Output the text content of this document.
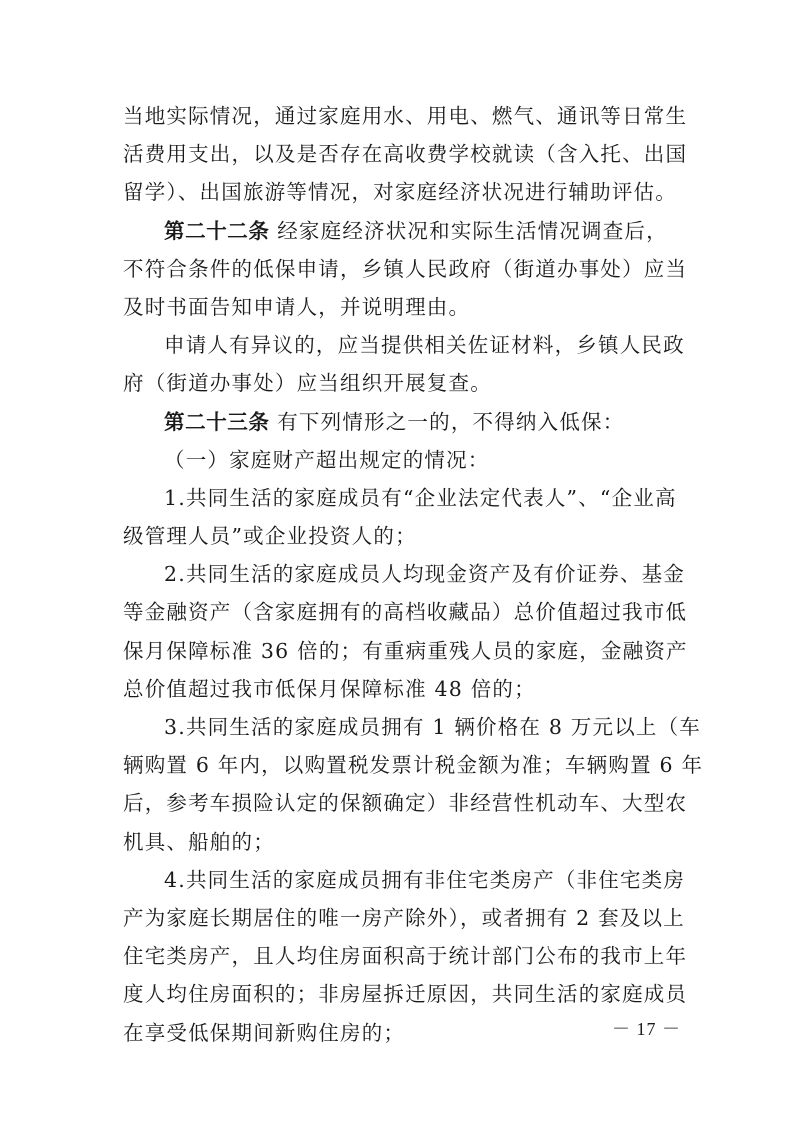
当地实际情况，通过家庭用水、用电、燃气、通讯等日常生
活费用支出，以及是否存在高收费学校就读（含入托、出国
留学）、出国旅游等情况，对家庭经济状况进行辅助评估。
第二十二条 经家庭经济状况和实际生活情况调查后，
不符合条件的低保申请，乡镇人民政府（街道办事处）应当
及时书面告知申请人，并说明理由。
申请人有异议的，应当提供相关佐证材料，乡镇人民政
府（街道办事处）应当组织开展复查。
第二十三条 有下列情形之一的，不得纳入低保：
（一）家庭财产超出规定的情况：
1.共同生活的家庭成员有“企业法定代表人”、“企业高
级管理人员”或企业投资人的；
2.共同生活的家庭成员人均现金资产及有价证券、基金
等金融资产（含家庭拥有的高档收藏品）总价值超过我市低
保月保障标准 36 倍的；有重病重残人员的家庭，金融资产
总价值超过我市低保月保障标准 48 倍的；
3.共同生活的家庭成员拥有 1 辆价格在 8 万元以上（车
辆购置 6 年内，以购置税发票计税金额为准；车辆购置 6 年
后，参考车损险认定的保额确定）非经营性机动车、大型农
机具、船舶的；
4.共同生活的家庭成员拥有非住宅类房产（非住宅类房
产为家庭长期居住的唯一房产除外），或者拥有 2 套及以上
住宅类房产，且人均住房面积高于统计部门公布的我市上年
度人均住房面积的；非房屋拆迁原因，共同生活的家庭成员
在享受低保期间新购住房的；	－ 17 －
